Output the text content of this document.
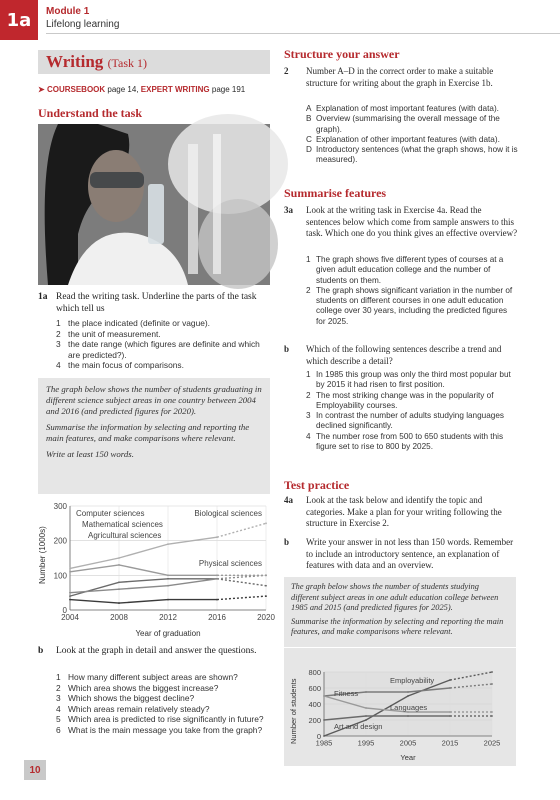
1a	Module 1
Lifelong learning
Writing (Task 1)
➤ COURSEBOOK page 14, EXPERT WRITING page 191
Understand the task
1a Read the writing task. Underline the parts of the task which tell us
1 the place indicated (definite or vague).
2 the unit of measurement.
3 the date range (which figures are definite and which are predicted?).
4 the main focus of comparisons.

The graph below shows the number of students graduating in different science subject areas in one country between 2004 and 2016 (and predicted figures for 2020).

Summarise the information by selecting and reporting the main features, and make comparisons where relevant.

Write at least 150 words.

0
100
200
300
2004	2008	2012	2016	2020
Computer sciences
Mathematical sciences
Agricultural sciences
Biological sciences
Physical sciences
Number (1000s)
Year of graduation
b Look at the graph in detail and answer the questions.
1 How many different subject areas are shown?
2 Which area shows the biggest increase?
3 Which shows the biggest decline?
4 Which areas remain relatively steady?
5 Which area is predicted to rise significantly in future?
6 What is the main message you take from the graph?
10
Structure your answer
2 Number A–D in the correct order to make a suitable structure for writing about the graph in Exercise 1b.
A Explanation of most important features (with data).
B Overview (summarising the overall message of the graph).
C Explanation of other important features (with data).
D Introductory sentences (what the graph shows, how it is measured).
Summarise features
3a Look at the writing task in Exercise 4a. Read the sentences below which come from sample answers to this task. Which one do you think gives an effective overview?
1 The graph shows five different types of courses at a given adult education college and the number of students on them.
2 The graph shows significant variation in the number of students on different courses in one adult education college over 30 years, including the predicted figures for 2025.
b Which of the following sentences describe a trend and which describe a detail?
1 In 1985 this group was only the third most popular but by 2015 it had risen to first position.
2 The most striking change was in the popularity of Employability courses.
3 In contrast the number of adults studying languages declined significantly.
4 The number rose from 500 to 650 students with this figure set to rise to 800 by 2025.
Test practice
4a Look at the task below and identify the topic and categories. Make a plan for your writing following the structure in Exercise 2.
b Write your answer in not less than 150 words. Remember to include an introductory sentence, an explanation of features with data and an overview.

The graph below shows the number of students studying different subject areas in one adult education college between 1985 and 2015 (and predicted figures for 2025).

Summarise the information by selecting and reporting the main features, and make comparisons where relevant.

0
200
400
600
800
1985	1995	2005	2015	2025
Employability
Fitness
Languages
Art and design
Number of students
Year
